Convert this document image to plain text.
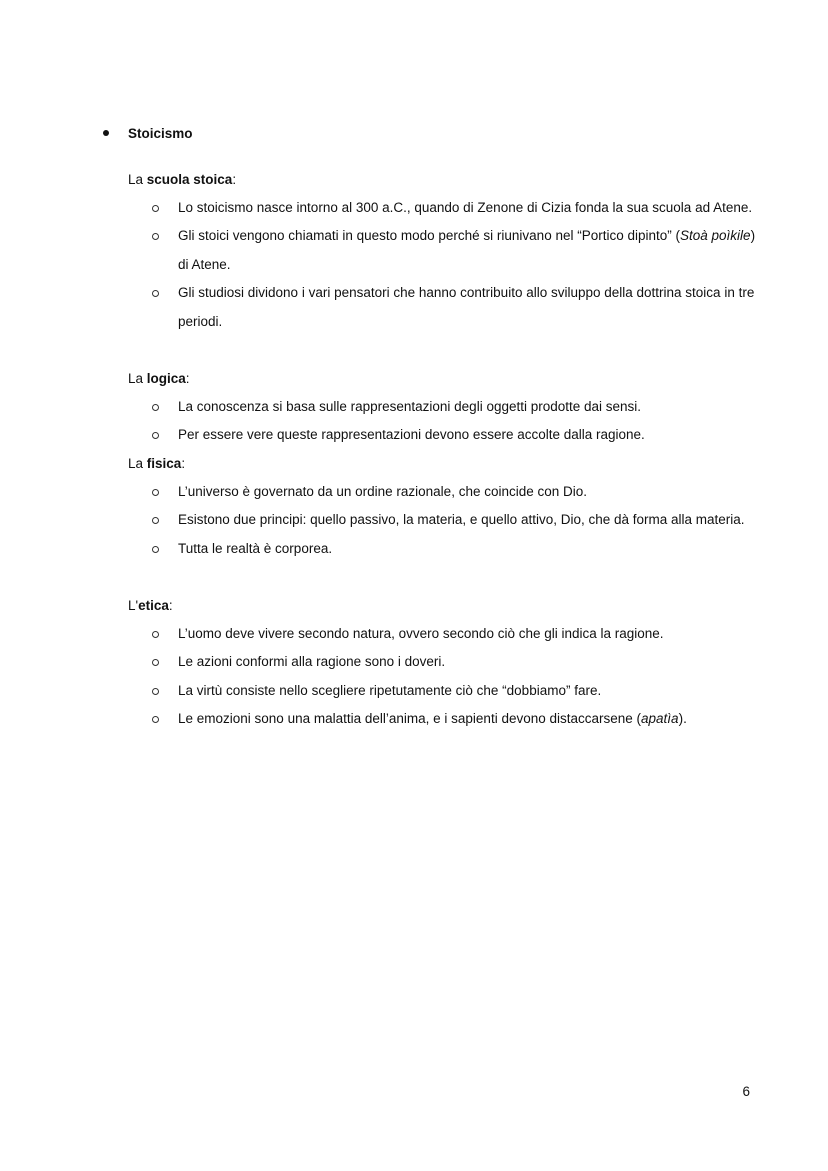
Stoicismo
La scuola stoica:
Lo stoicismo nasce intorno al 300 a.C., quando di Zenone di Cizia fonda la sua scuola ad Atene.
Gli stoici vengono chiamati in questo modo perché si riunivano nel “Portico dipinto” (Stoà poìkile) di Atene.
Gli studiosi dividono i vari pensatori che hanno contribuito allo sviluppo della dottrina stoica in tre periodi.
La logica:
La conoscenza si basa sulle rappresentazioni degli oggetti prodotte dai sensi.
Per essere vere queste rappresentazioni devono essere accolte dalla ragione.
La fisica:
L’universo è governato da un ordine razionale, che coincide con Dio.
Esistono due principi: quello passivo, la materia, e quello attivo, Dio, che dà forma alla materia.
Tutta le realtà è corporea.
L'etica:
L’uomo deve vivere secondo natura, ovvero secondo ciò che gli indica la ragione.
Le azioni conformi alla ragione sono i doveri.
La virtù consiste nello scegliere ripetutamente ciò che “dobbiamo” fare.
Le emozioni sono una malattia dell’anima, e i sapienti devono distaccarsene (apatìa).
6
